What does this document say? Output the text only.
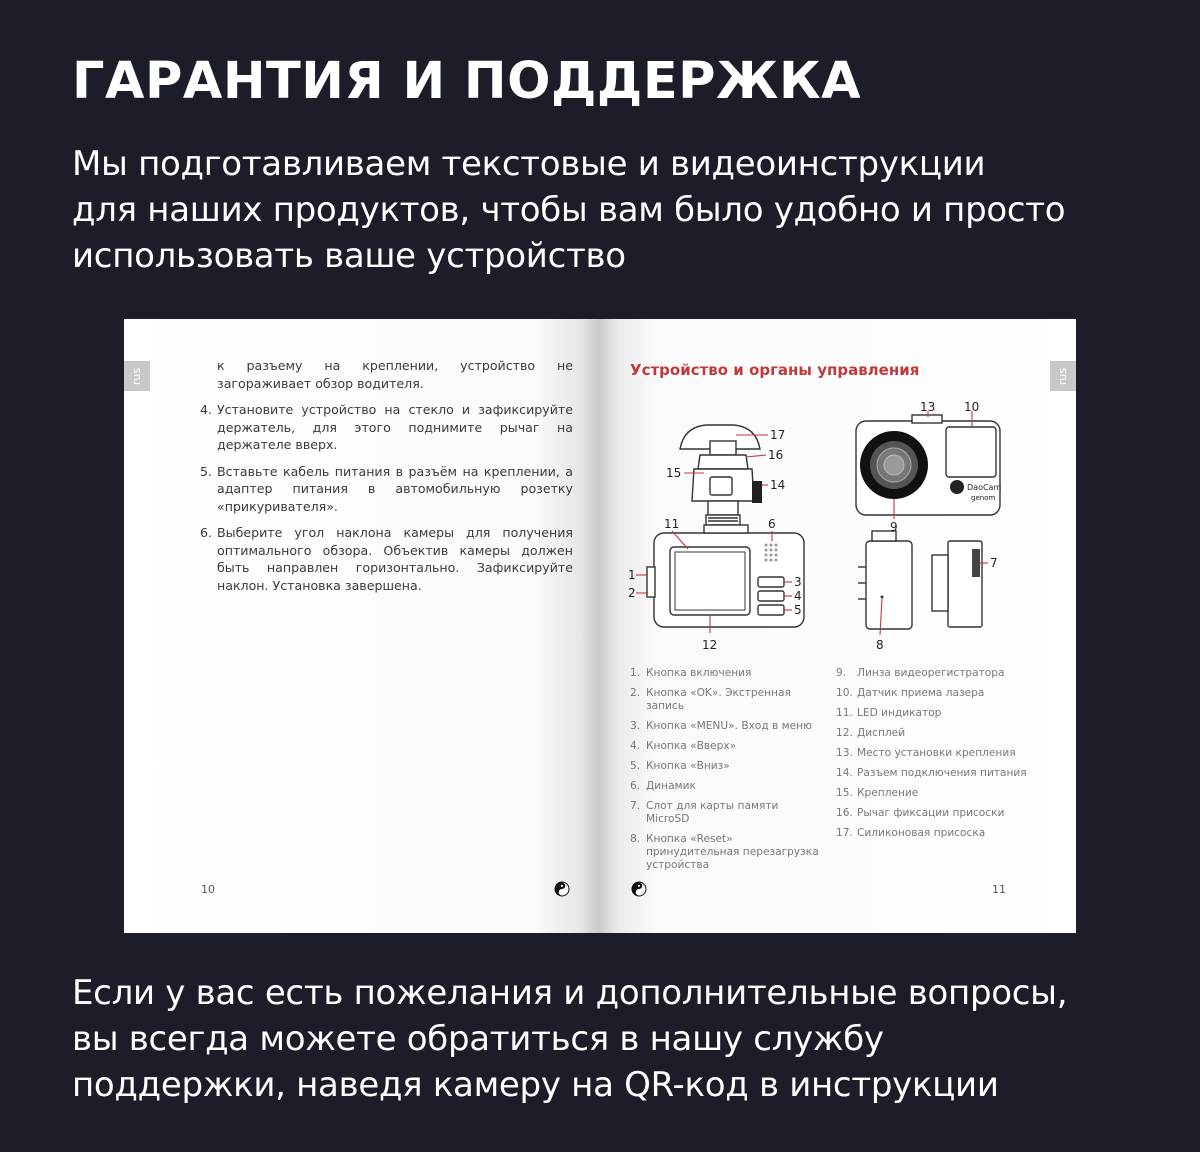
ГАРАНТИЯ И ПОДДЕРЖКА
Мы подготавливаем текстовые и видеоинструкции
для наших продуктов, чтобы вам было удобно и просто
использовать ваше устройство
rus
к разъему на креплении, устройство не загораживает обзор водителя.
4. Установите устройство на стекло и зафиксируйте держатель, для этого поднимите рычаг на держателе вверх.
5. Вставьте кабель питания в разъём на креплении, а адаптер питания в автомобильную розетку «прикуривателя».
6. Выберите угол наклона камеры для получения оптимального обзора. Объектив камеры должен быть направлен горизонтально. Зафиксируйте наклон. Установка завершена.
10
rus
Устройство и органы управления
DaoCam
genom
17
16
14
15
11	6
1
2
3
4
5
12
13 10
9
8
7
1. Кнопка включения
2. Кнопка «OK». Экстренная запись
3. Кнопка «MENU». Вход в меню
4. Кнопка «Вверх»
5. Кнопка «Вниз»
6. Динамик
7. Слот для карты памяти MicroSD
8. Кнопка «Reset» принудительная перезагрузка устройства
9.	Линза видеорегистратора
10. Датчик приема лазера
11. LED индикатор
12. Дисплей
13. Место установки крепления
14. Разъем подключения питания
15. Крепление
16. Рычаг фиксации присоски
17. Силиконовая присоска
11
Если у вас есть пожелания и дополнительные вопросы,
вы всегда можете обратиться в нашу службу
поддержки, наведя камеру на QR-код в инструкции
